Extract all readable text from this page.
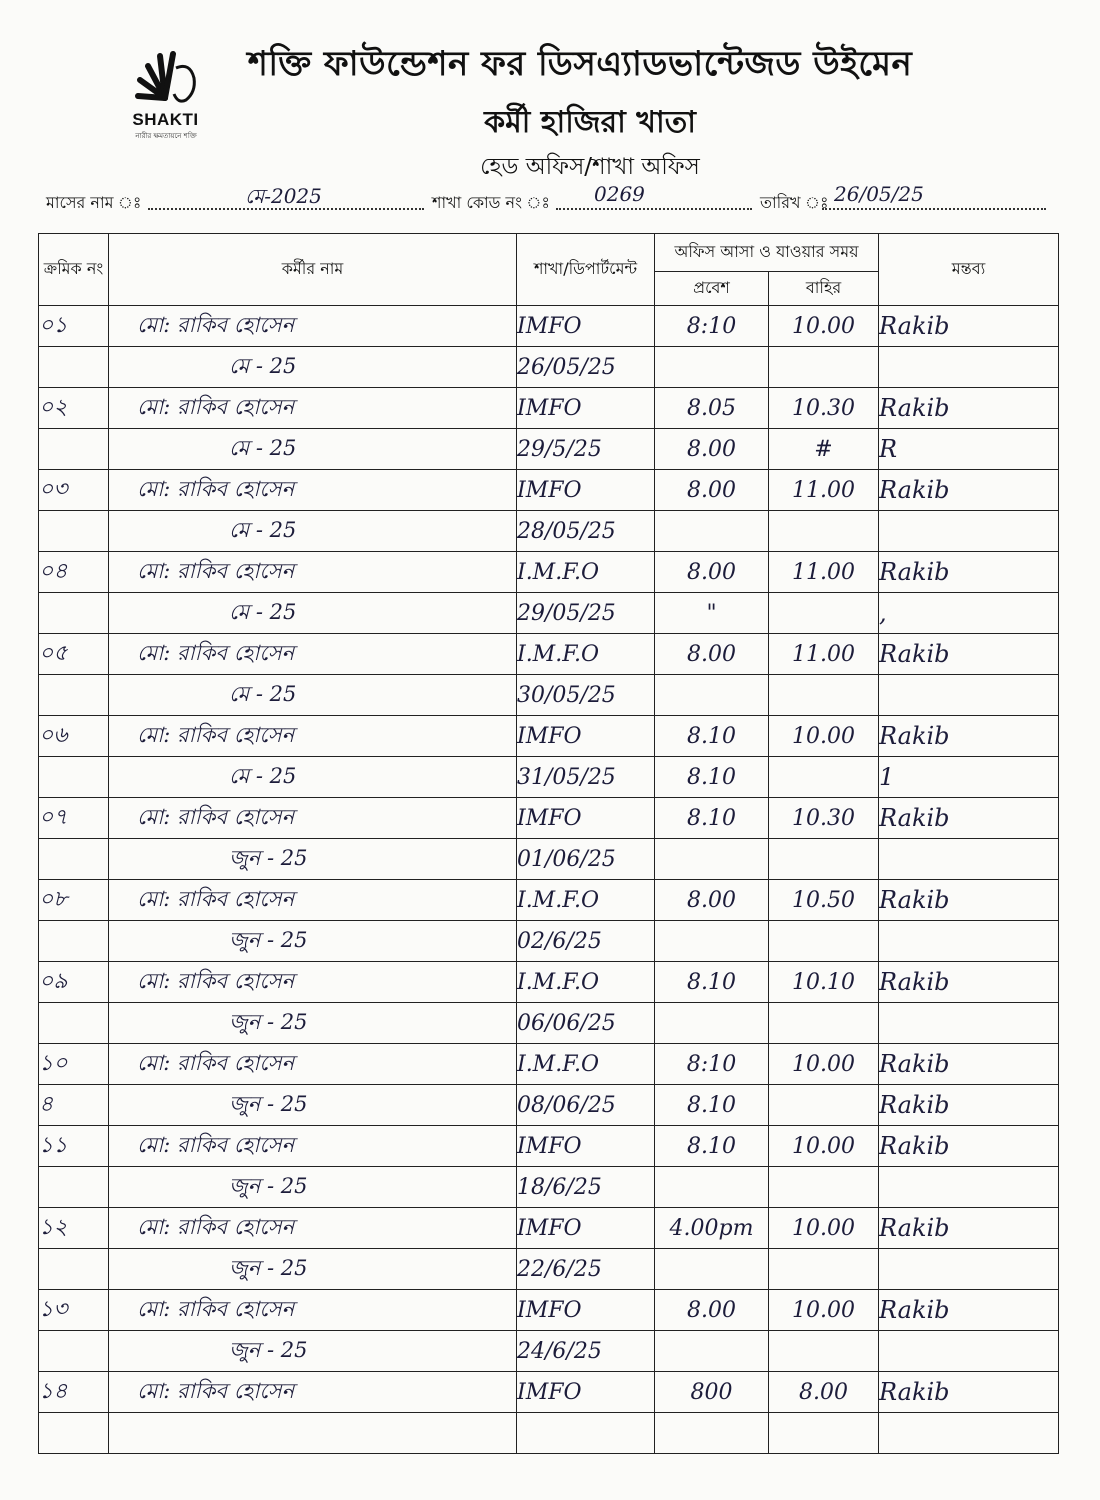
SHAKTI
নারীর ক্ষমতায়নে শক্তি
শক্তি ফাউন্ডেশন ফর ডিসএ্যাডভান্টেজড উইমেন
কর্মী হাজিরা খাতা
হেড অফিস/শাখা অফিস
মাসের নাম ঃ	মে-2025	শাখা কোড নং ঃ 0269	তারিখ ঃ 26/05/25
ক্রমিক নং	কর্মীর নাম	শাখা/ডিপার্টমেন্ট	অফিস আসা ও যাওয়ার সময়		মন্তব্য
			প্রবেশ	বাহির	
০১	মো: রাকিব হোসেন	IMFO	8:10	10.00	Rakib
	মে - 25	26/05/25			
০২	মো: রাকিব হোসেন	IMFO	8.05	10.30	Rakib
	মে - 25	29/5/25	8.00	#	R
০৩	মো: রাকিব হোসেন	IMFO	8.00	11.00	Rakib
	মে - 25	28/05/25			
০৪	মো: রাকিব হোসেন	I.M.F.O	8.00	11.00	Rakib
	মে - 25	29/05/25	"		,
০৫	মো: রাকিব হোসেন	I.M.F.O	8.00	11.00	Rakib
	মে - 25	30/05/25			
০৬	মো: রাকিব হোসেন	IMFO	8.10	10.00	Rakib
	মে - 25	31/05/25	8.10		1
০৭	মো: রাকিব হোসেন	IMFO	8.10	10.30	Rakib
	জুন - 25	01/06/25			
০৮	মো: রাকিব হোসেন	I.M.F.O	8.00	10.50	Rakib
	জুন - 25	02/6/25			
০৯	মো: রাকিব হোসেন	I.M.F.O	8.10	10.10	Rakib
	জুন - 25	06/06/25			
১০	মো: রাকিব হোসেন	I.M.F.O	8:10	10.00	Rakib
৪	জুন - 25	08/06/25	8.10		Rakib
১১	মো: রাকিব হোসেন	IMFO	8.10	10.00	Rakib
	জুন - 25	18/6/25			
১২	মো: রাকিব হোসেন	IMFO	4.00pm	10.00	Rakib
	জুন - 25	22/6/25			
১৩	মো: রাকিব হোসেন	IMFO	8.00	10.00	Rakib
	জুন - 25	24/6/25			
১৪	মো: রাকিব হোসেন	IMFO	800	8.00	Rakib
